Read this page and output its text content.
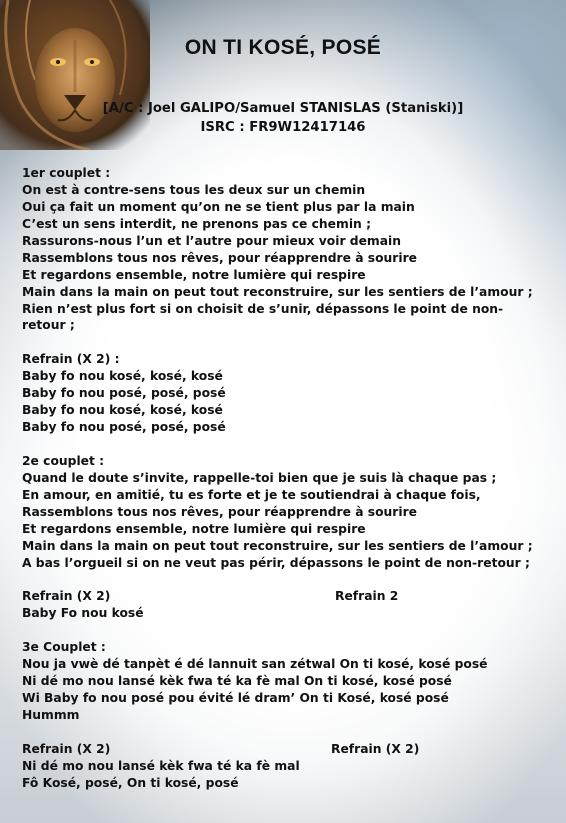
ON TI KOSÉ, POSÉ
[A/C : Joel GALIPO/Samuel STANISLAS (Staniski)]
ISRC : FR9W12417146
1er couplet :
On est à contre-sens tous les deux sur un chemin
Oui ça fait un moment qu’on ne se tient plus par la main
C’est un sens interdit, ne prenons pas ce chemin ;
Rassurons-nous l’un et l’autre pour mieux voir demain
Rassemblons tous nos rêves, pour réapprendre à sourire
Et regardons ensemble, notre lumière qui respire
Main dans la main on peut tout reconstruire, sur les sentiers de l’amour ;
Rien n’est plus fort si on choisit de s’unir, dépassons le point de non-
retour ;
Refrain (X 2) :
Baby fo nou kosé, kosé, kosé
Baby fo nou posé, posé, posé
Baby fo nou kosé, kosé, kosé
Baby fo nou posé, posé, posé
2e couplet :
Quand le doute s’invite, rappelle-toi bien que je suis là chaque pas ;
En amour, en amitié, tu es forte et je te soutiendrai à chaque fois,
Rassemblons tous nos rêves, pour réapprendre à sourire
Et regardons ensemble, notre lumière qui respire
Main dans la main on peut tout reconstruire, sur les sentiers de l’amour ;
A bas l’orgueil si on ne veut pas périr, dépassons le point de non-retour ;
Refrain (X 2)	Refrain 2
Baby Fo nou kosé
3e Couplet :
Nou ja vwè dé tanpèt é dé lannuit san zétwal On ti kosé, kosé posé
Ni dé mo nou lansé kèk fwa té ka fè mal On ti kosé, kosé posé
Wi Baby fo nou posé pou évité lé dram’ On ti Kosé, kosé posé
Hummm
Refrain (X 2)	Refrain (X 2)
Ni dé mo nou lansé kèk fwa té ka fè mal
Fô Kosé, posé, On ti kosé, posé
